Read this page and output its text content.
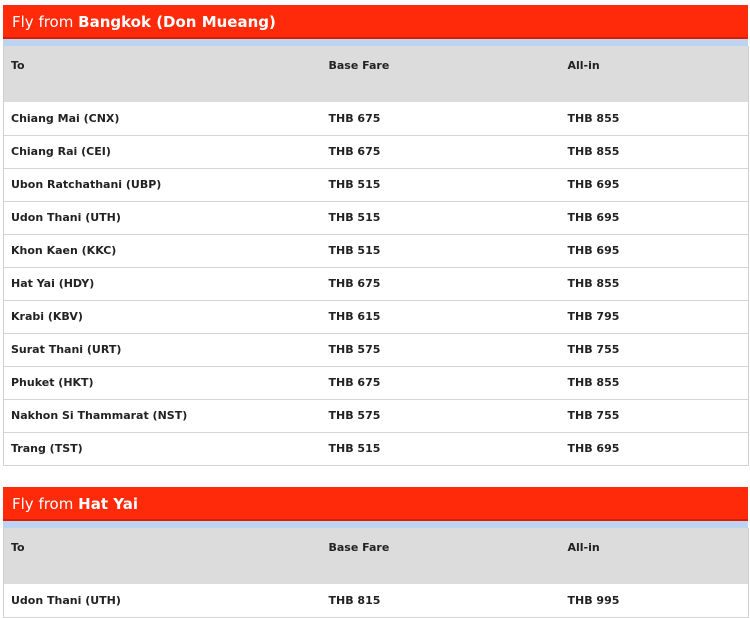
Fly from Bangkok (Don Mueang)
To	Base Fare	All-in
Chiang Mai (CNX)	THB 675	THB 855
Chiang Rai (CEI)	THB 675	THB 855
Ubon Ratchathani (UBP)	THB 515	THB 695
Udon Thani (UTH)	THB 515	THB 695
Khon Kaen (KKC)	THB 515	THB 695
Hat Yai (HDY)	THB 675	THB 855
Krabi (KBV)	THB 615	THB 795
Surat Thani (URT)	THB 575	THB 755
Phuket (HKT)	THB 675	THB 855
Nakhon Si Thammarat (NST)	THB 575	THB 755
Trang (TST)	THB 515	THB 695
Fly from Hat Yai
To	Base Fare	All-in
Udon Thani (UTH)	THB 815	THB 995
